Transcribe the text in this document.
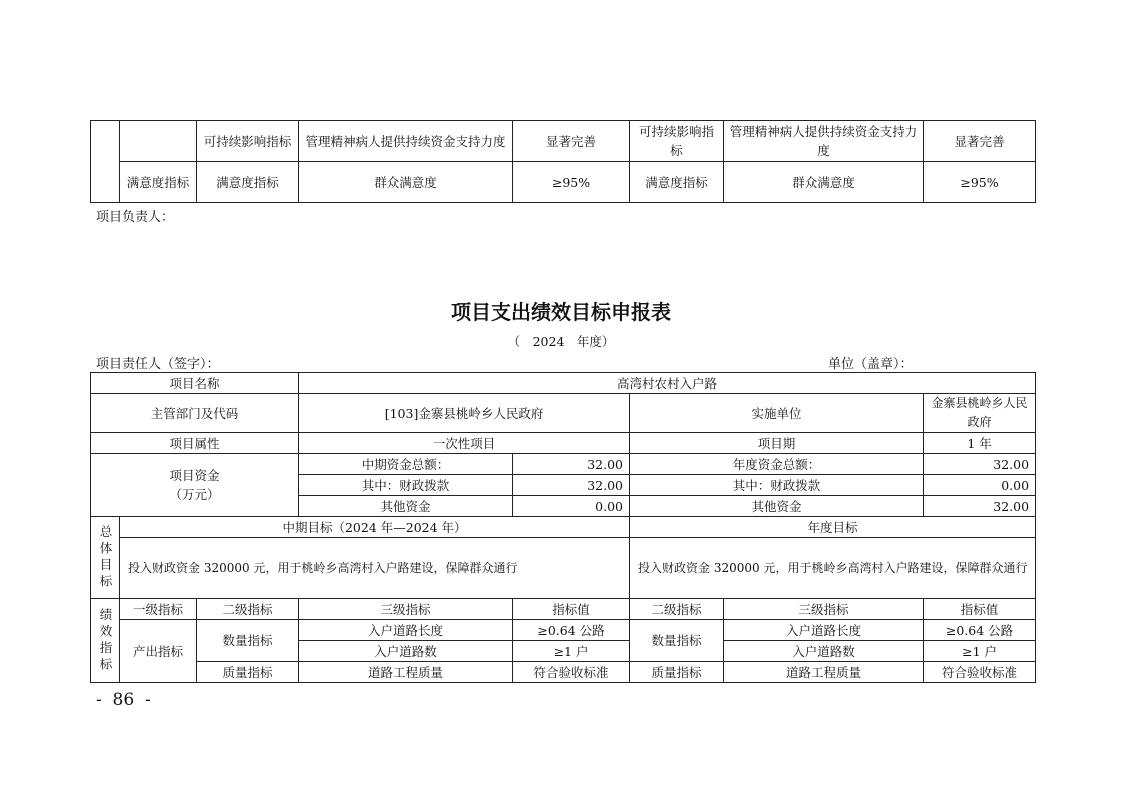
		可持续影响指标	管理精神病人提供持续资金支持力度	显著完善	可持续影响指标	管理精神病人提供持续资金支持力度	显著完善
	满意度指标	满意度指标	群众满意度	≥95%	满意度指标	群众满意度	≥95%
项目负责人：
项目支出绩效目标申报表
（　2024　年度）
项目责任人（签字）：	单位（盖章）：
项目名称			高湾村农村入户路				
主管部门及代码			[103]金寨县桃岭乡人民政府		实施单位		金寨县桃岭乡人民政府
项目属性			一次性项目		项目期		1 年

项目资金
（万元）			中期资金总额：	32.00	年度资金总额：		32.00
			其中：财政拨款	32.00	其中：财政拨款		0.00
			其他资金	0.00	其他资金		32.00
总体目标	中期目标（2024 年—2024 年）				年度目标		
	投入财政资金 320000 元，用于桃岭乡高湾村入户路建设，保障群众通行				投入财政资金 320000 元，用于桃岭乡高湾村入户路建设，保障群众通行		
绩效指标	一级指标	二级指标	三级指标	指标值	二级指标	三级指标	指标值
	产出指标	数量指标	入户道路长度	≥0.64 公路	数量指标	入户道路长度	≥0.64 公路
			入户道路数	≥1 户		入户道路数	≥1 户
		质量指标	道路工程质量	符合验收标准	质量指标	道路工程质量	符合验收标准
-  86  -
